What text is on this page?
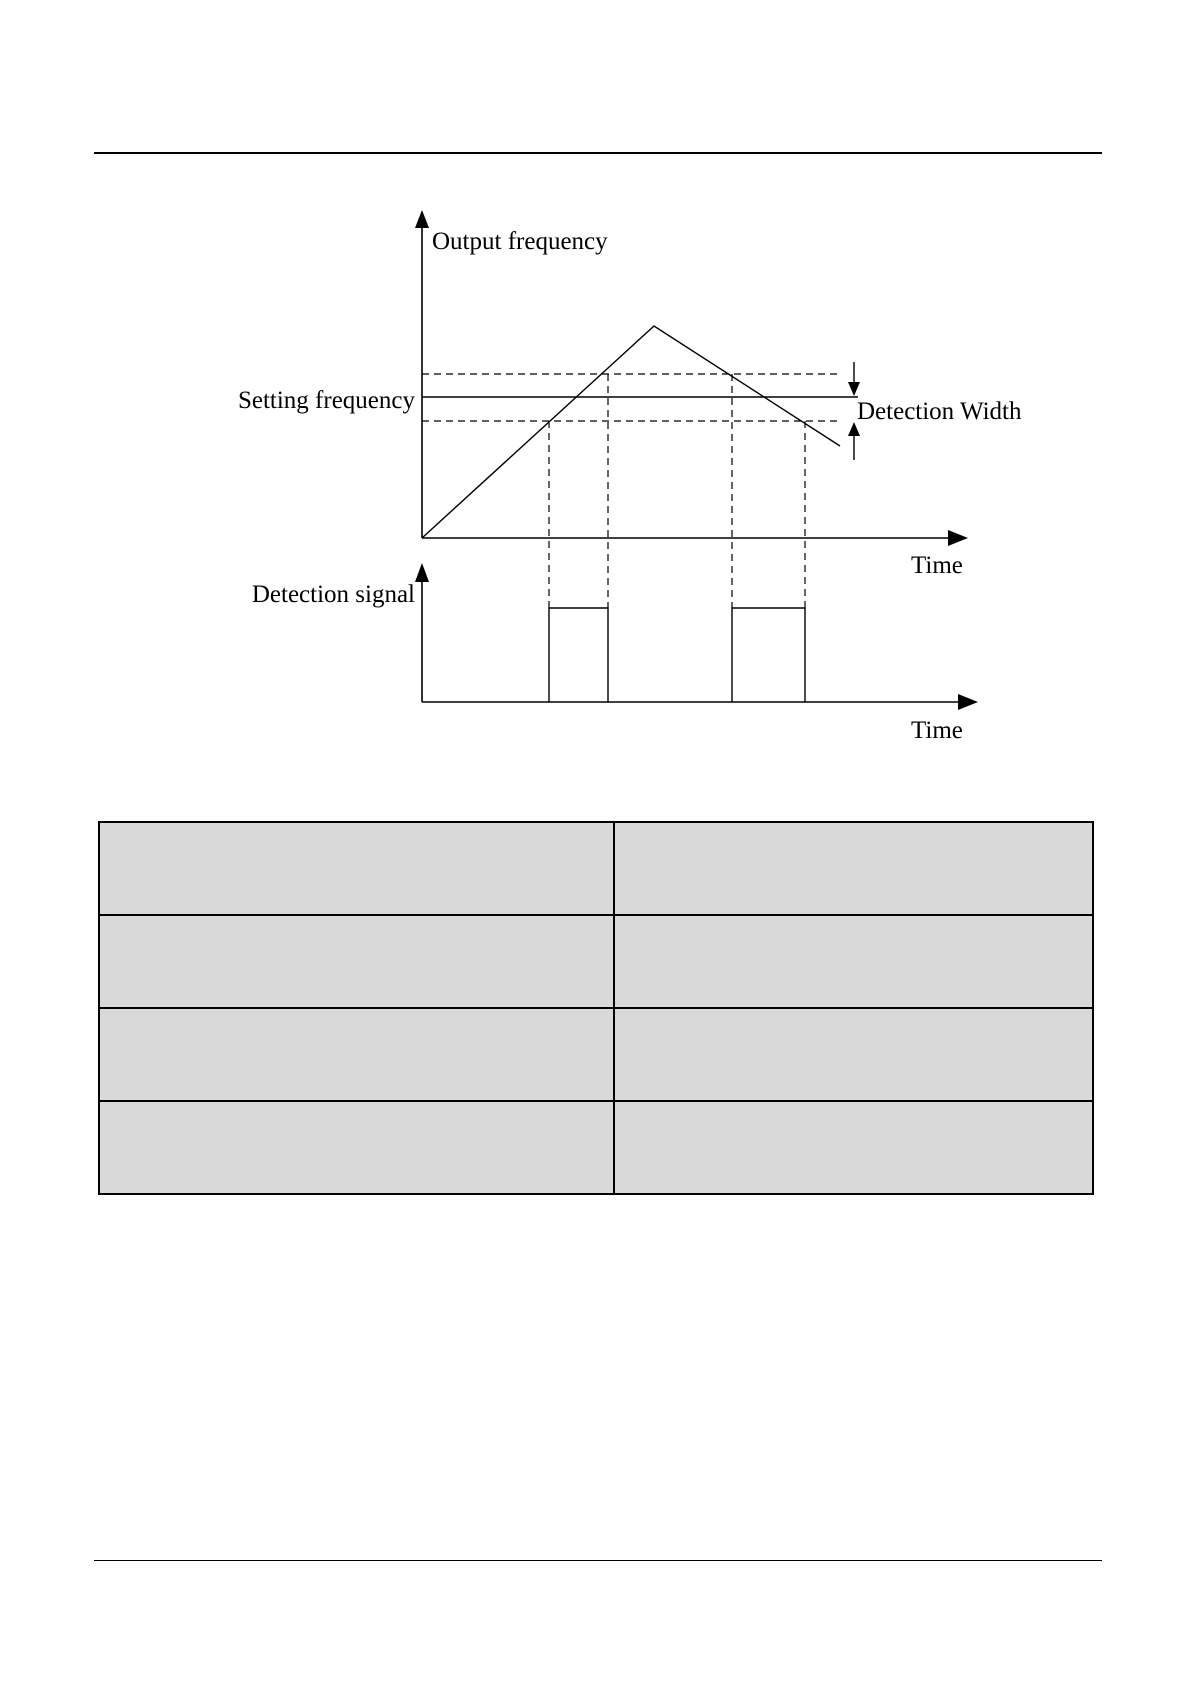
Output frequency
Setting frequency	Detection Width
Time
Detection signal
Time
